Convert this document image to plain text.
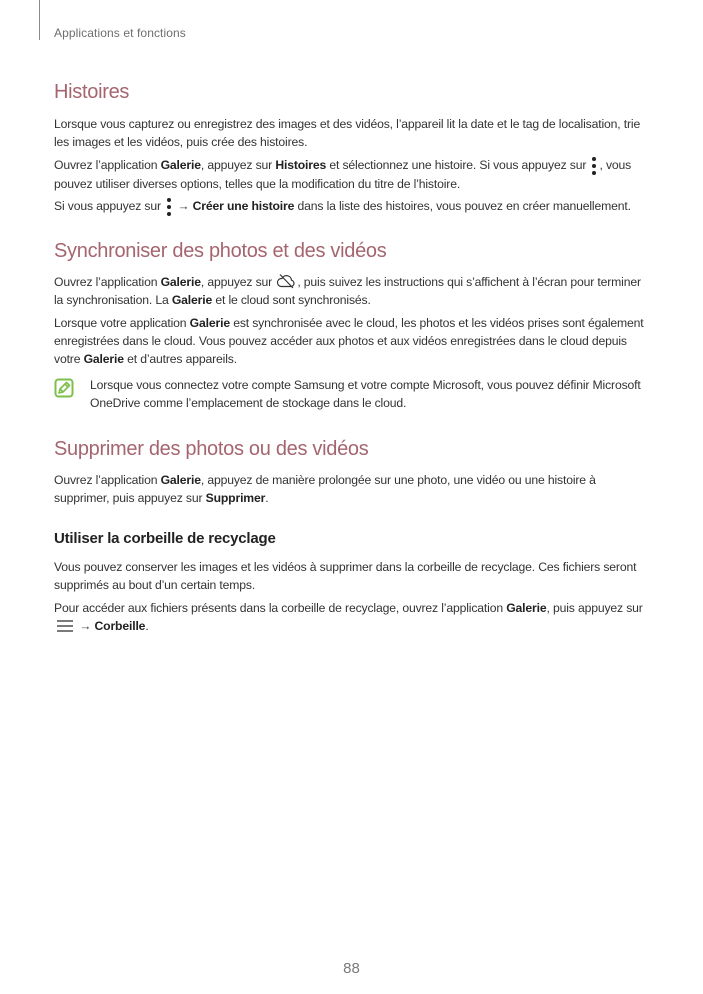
Applications et fonctions
Histoires

Lorsque vous capturez ou enregistrez des images et des vidéos, l’appareil lit la date et le tag de localisation, trie les images et les vidéos, puis crée des histoires.

Ouvrez l’application Galerie, appuyez sur Histoires et sélectionnez une histoire. Si vous appuyez sur
, vous pouvez utiliser diverses options, telles que la modification du titre de l’histoire.

Si vous appuyez sur
→ Créer une histoire dans la liste des histoires, vous pouvez en créer manuellement.

Synchroniser des photos et des vidéos

Ouvrez l’application Galerie, appuyez sur , puis suivez les instructions qui s’affichent à l’écran pour terminer la synchronisation. La Galerie et le cloud sont synchronisés.

Lorsque votre application Galerie est synchronisée avec le cloud, les photos et les vidéos prises sont également enregistrées dans le cloud. Vous pouvez accéder aux photos et aux vidéos enregistrées dans le cloud depuis votre Galerie et d’autres appareils.

Lorsque vous connectez votre compte Samsung et votre compte Microsoft, vous pouvez définir Microsoft OneDrive comme l’emplacement de stockage dans le cloud.

Supprimer des photos ou des vidéos

Ouvrez l’application Galerie, appuyez de manière prolongée sur une photo, une vidéo ou une histoire à supprimer, puis appuyez sur Supprimer.

Utiliser la corbeille de recyclage

Vous pouvez conserver les images et les vidéos à supprimer dans la corbeille de recyclage. Ces fichiers seront supprimés au bout d’un certain temps.

Pour accéder aux fichiers présents dans la corbeille de recyclage, ouvrez l’application Galerie, puis appuyez sur  → Corbeille.

88
